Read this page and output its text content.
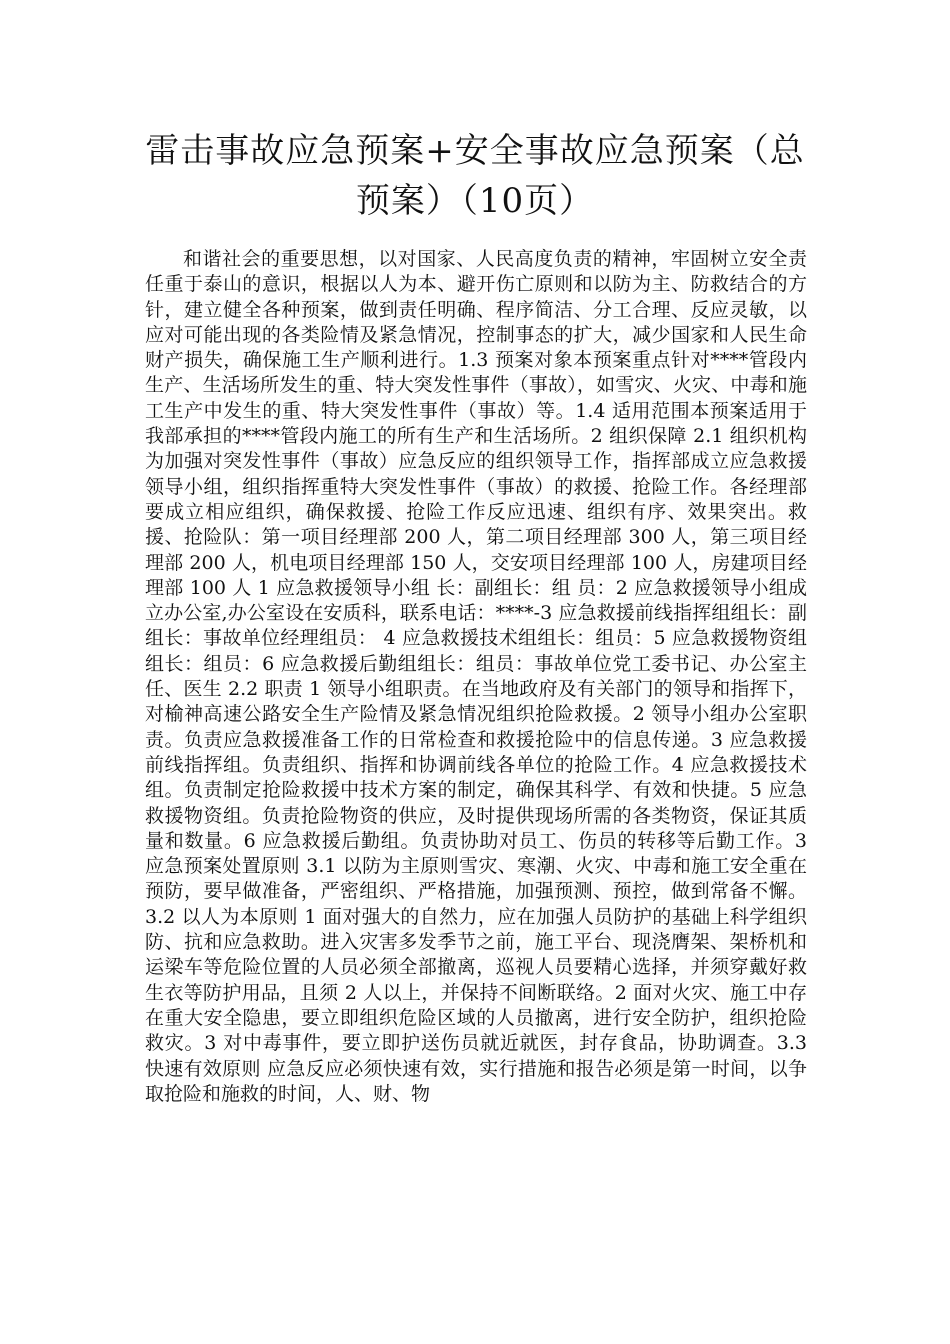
雷击事故应急预案+安全事故应急预案（总预案）（10页）

和谐社会的重要思想，以对国家、人民高度负责的精神，牢固树立安全责任重于泰山的意识，根据以人为本、避开伤亡原则和以防为主、防救结合的方针，建立健全各种预案，做到责任明确、程序简洁、分工合理、反应灵敏，以应对可能出现的各类险情及紧急情况，控制事态的扩大，减少国家和人民生命财产损失，确保施工生产顺利进行。1.3 预案对象本预案重点针对****管段内生产、生活场所发生的重、特大突发性事件（事故），如雪灾、火灾、中毒和施工生产中发生的重、特大突发性事件（事故）等。1.4 适用范围本预案适用于我部承担的****管段内施工的所有生产和生活场所。2 组织保障 2.1 组织机构为加强对突发性事件（事故）应急反应的组织领导工作，指挥部成立应急救援领导小组，组织指挥重特大突发性事件（事故）的救援、抢险工作。各经理部要成立相应组织，确保救援、抢险工作反应迅速、组织有序、效果突出。救援、抢险队：第一项目经理部 200 人，第二项目经理部 300 人，第三项目经理部 200 人，机电项目经理部 150 人，交安项目经理部 100 人，房建项目经理部 100 人 1 应急救援领导小组 长：副组长：组 员：2 应急救援领导小组成立办公室,办公室设在安质科，联系电话：****-3 应急救援前线指挥组组长：副组长：事故单位经理组员： 4 应急救援技术组组长：组员：5 应急救援物资组组长：组员：6 应急救援后勤组组长：组员：事故单位党工委书记、办公室主任、医生 2.2 职责 1 领导小组职责。在当地政府及有关部门的领导和指挥下，对榆神高速公路安全生产险情及紧急情况组织抢险救援。2 领导小组办公室职责。负责应急救援准备工作的日常检查和救援抢险中的信息传递。3 应急救援前线指挥组。负责组织、指挥和协调前线各单位的抢险工作。4 应急救援技术组。负责制定抢险救援中技术方案的制定，确保其科学、有效和快捷。5 应急救援物资组。负责抢险物资的供应，及时提供现场所需的各类物资，保证其质量和数量。6 应急救援后勤组。负责协助对员工、伤员的转移等后勤工作。3 应急预案处置原则 3.1 以防为主原则雪灾、寒潮、火灾、中毒和施工安全重在预防，要早做准备，严密组织、严格措施，加强预测、预控，做到常备不懈。3.2 以人为本原则 1 面对强大的自然力，应在加强人员防护的基础上科学组织防、抗和应急救助。进入灾害多发季节之前，施工平台、现浇膺架、架桥机和运梁车等危险位置的人员必须全部撤离，巡视人员要精心选择，并须穿戴好救生衣等防护用品，且须 2 人以上，并保持不间断联络。2 面对火灾、施工中存在重大安全隐患，要立即组织危险区域的人员撤离，进行安全防护，组织抢险救灾。3 对中毒事件，要立即护送伤员就近就医，封存食品，协助调查。3.3 快速有效原则 应急反应必须快速有效，实行措施和报告必须是第一时间，以争取抢险和施救的时间，人、财、物
